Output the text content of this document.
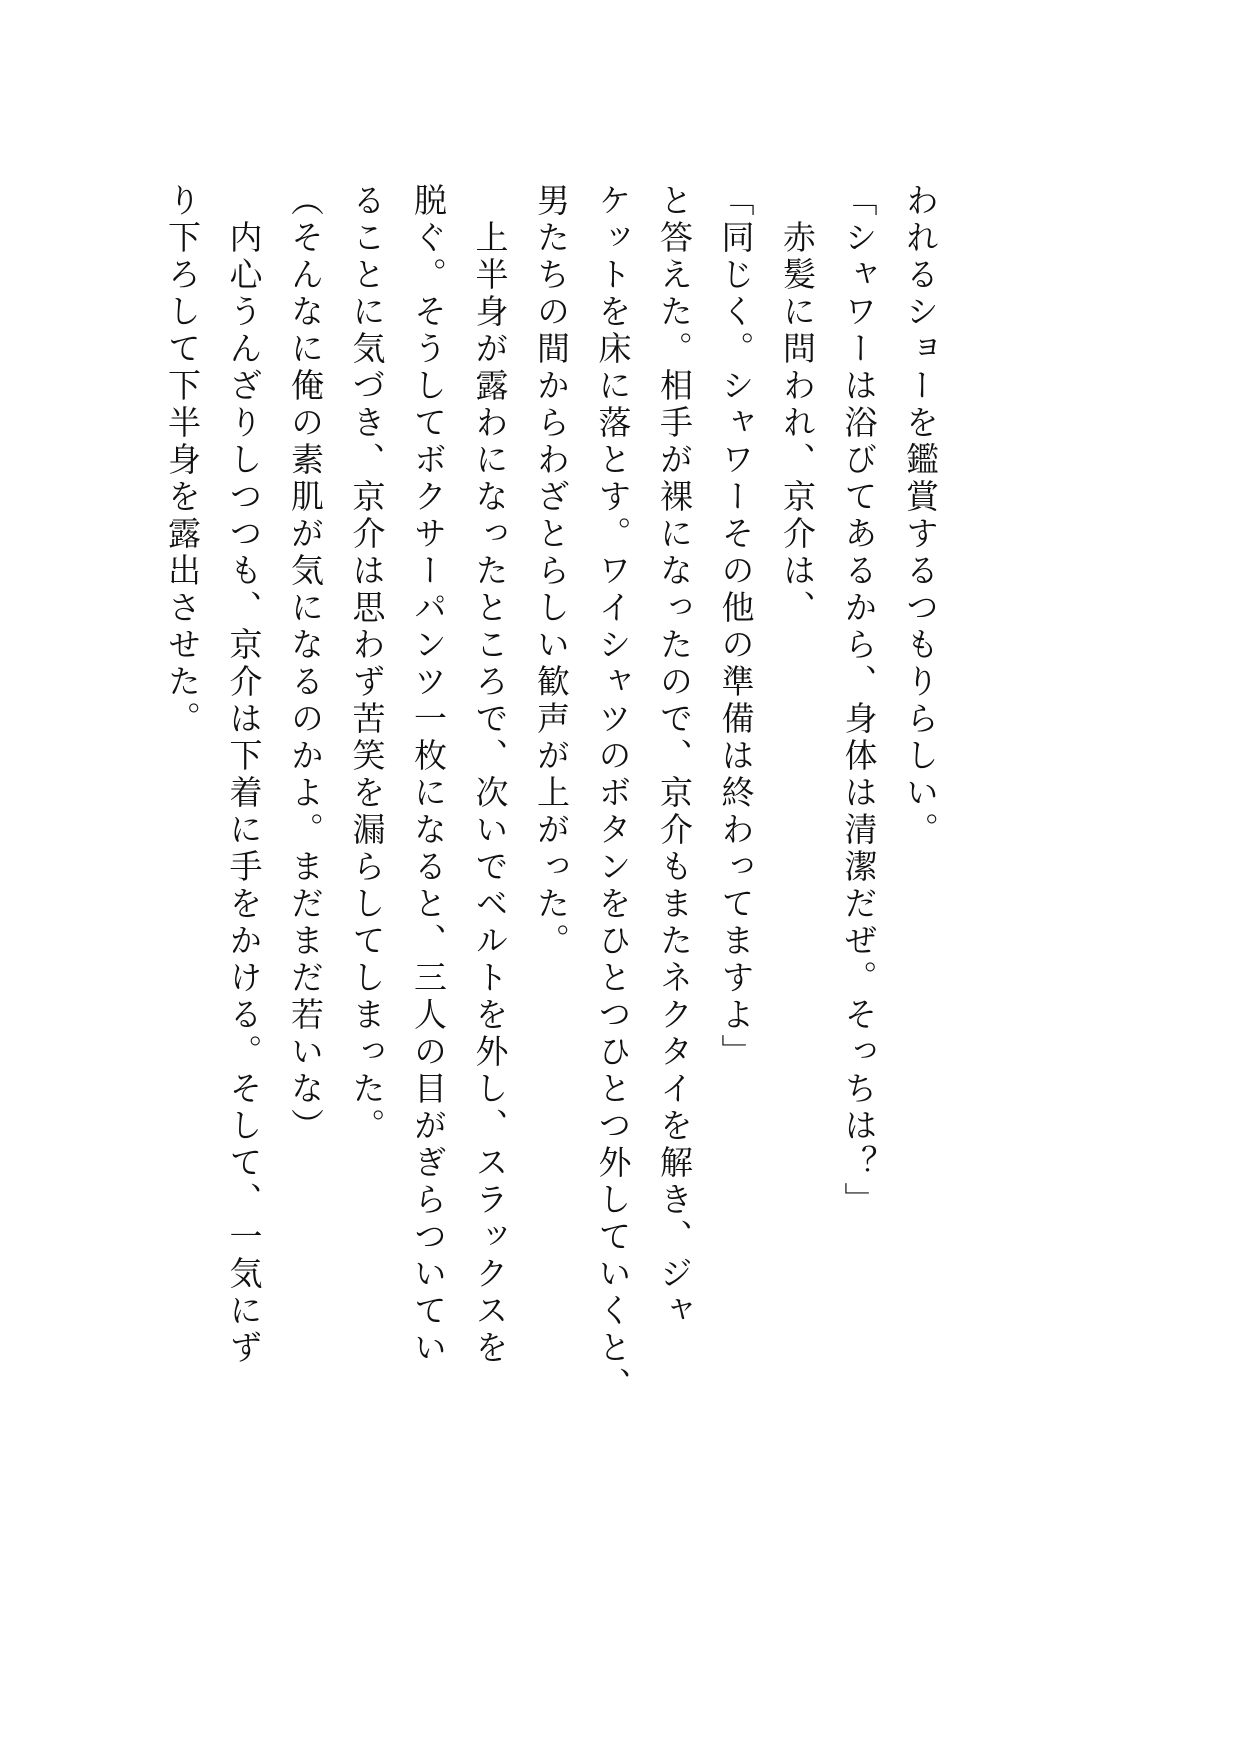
われるショーを鑑賞するつもりらしい。
「シャワーは浴びてあるから、身体は清潔だぜ。そっちは？」
　赤髪に問われ、京介は、
「同じく。シャワーその他の準備は終わってますよ」
と答えた。相手が裸になったので、京介もまたネクタイを解き、ジャ
ケットを床に落とす。ワイシャツのボタンをひとつひとつ外していくと、
男たちの間からわざとらしい歓声が上がった。
　上半身が露わになったところで、次いでベルトを外し、スラックスを
脱ぐ。そうしてボクサーパンツ一枚になると、三人の目がぎらついてい
ることに気づき、京介は思わず苦笑を漏らしてしまった。
（そんなに俺の素肌が気になるのかよ。まだまだ若いな）
　内心うんざりしつつも、京介は下着に手をかける。そして、一気にず
り下ろして下半身を露出させた。
